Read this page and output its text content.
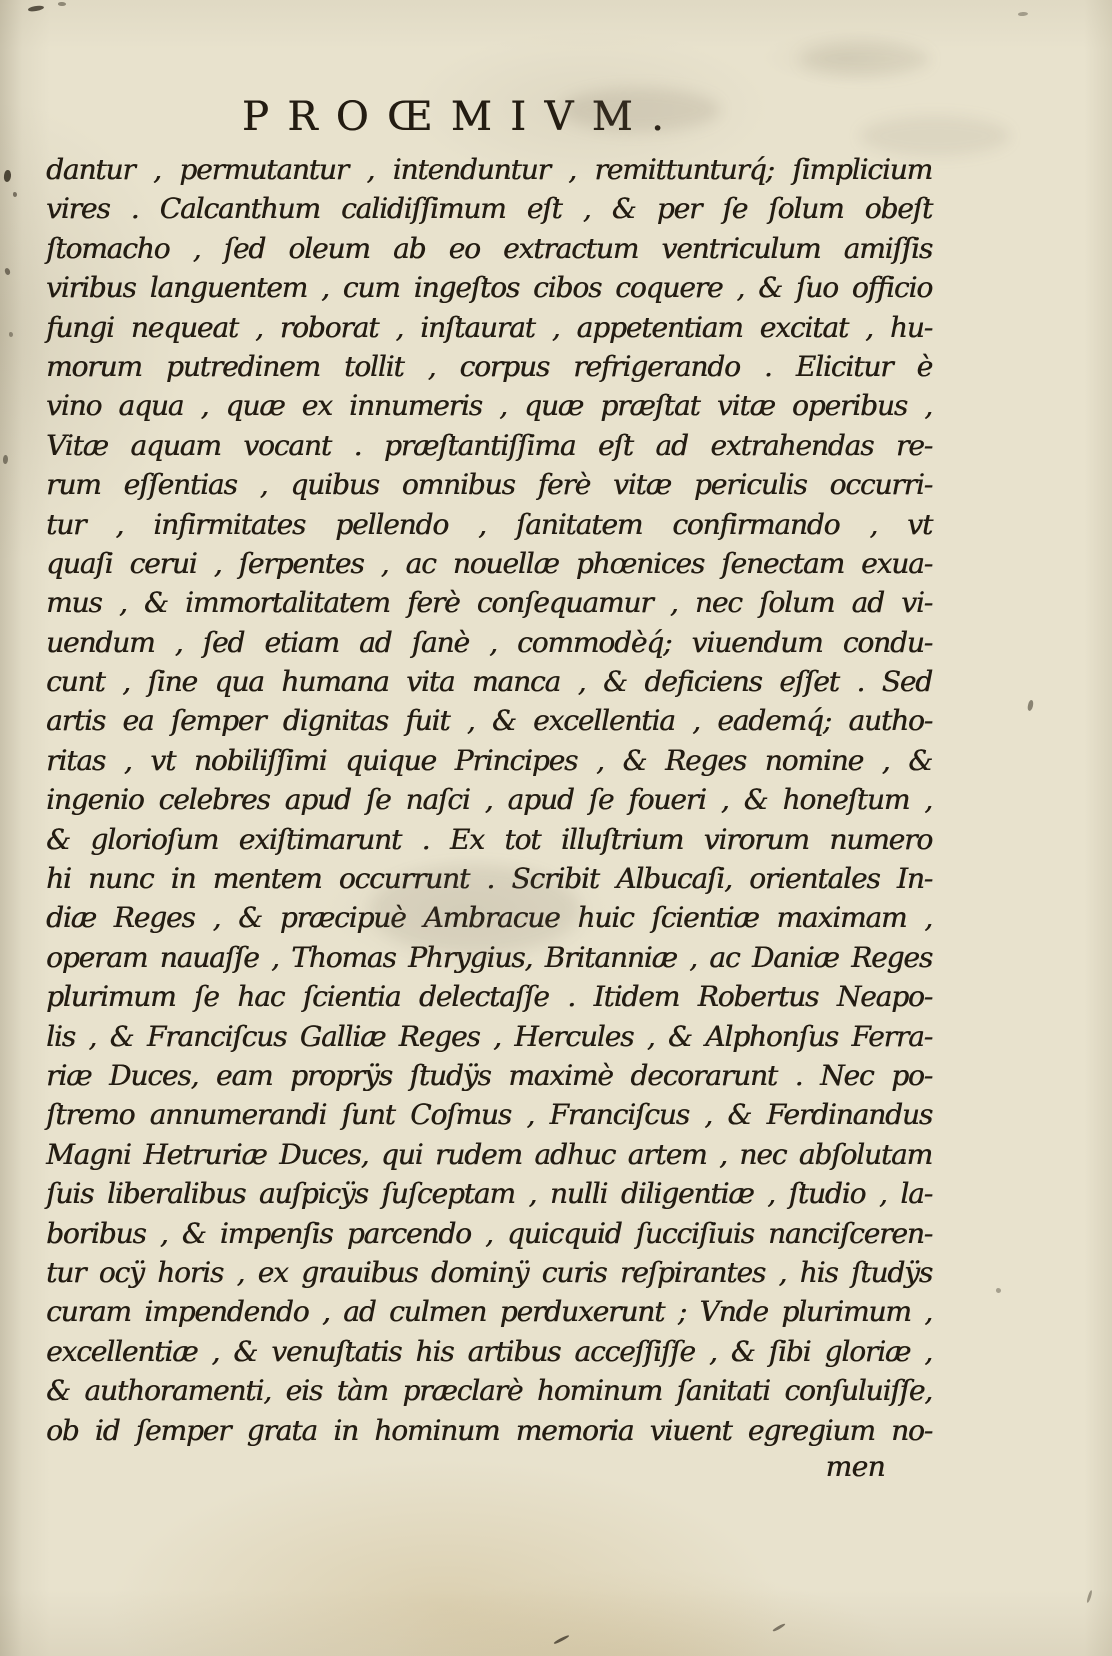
PROŒMIVM.
dantur , permutantur , intenduntur , remittunturq́; ſimplicium
vires . Calcanthum calidiſſimum eſt , & per ſe ſolum obeſt
ſtomacho , ſed oleum ab eo extractum ventriculum amiſſis
viribus languentem , cum ingeſtos cibos coquere , & ſuo officio
fungi nequeat , roborat , inſtaurat , appetentiam excitat , hu-
morum putredinem tollit , corpus refrigerando . Elicitur è
vino aqua , quæ ex innumeris , quæ præſtat vitæ operibus ,
Vitæ aquam vocant . præſtantiſſima eſt ad extrahendas re-
rum eſſentias , quibus omnibus ferè vitæ periculis occurri-
tur , infirmitates pellendo , ſanitatem confirmando , vt
quaſi cerui , ſerpentes , ac nouellæ phœnices ſenectam exua-
mus , & immortalitatem ferè conſequamur , nec ſolum ad vi-
uendum , ſed etiam ad ſanè , commodèq́; viuendum condu-
cunt , ſine qua humana vita manca , & deficiens eſſet . Sed
artis ea ſemper dignitas fuit , & excellentia , eademq́; autho-
ritas , vt nobiliſſimi quique Principes , & Reges nomine , &
ingenio celebres apud ſe naſci , apud ſe foueri , & honeſtum ,
& glorioſum exiſtimarunt . Ex tot illuſtrium virorum numero
hi nunc in mentem occurrunt . Scribit Albucaſi, orientales In-
diæ Reges , & præcipuè Ambracue huic ſcientiæ maximam ,
operam nauaſſe , Thomas Phrygius, Britanniæ , ac Daniæ Reges
plurimum ſe hac ſcientia delectaſſe . Itidem Robertus Neapo-
lis , & Franciſcus Galliæ Reges , Hercules , & Alphonſus Ferra-
riæ Duces, eam proprÿs ſtudÿs maximè decorarunt . Nec po-
ſtremo annumerandi ſunt Coſmus , Franciſcus , & Ferdinandus
Magni Hetruriæ Duces, qui rudem adhuc artem , nec abſolutam
ſuis liberalibus auſpicÿs ſuſceptam , nulli diligentiæ , ſtudio , la-
boribus , & impenſis parcendo , quicquid ſucciſiuis nanciſceren-
tur ocÿ horis , ex grauibus dominÿ curis reſpirantes , his ſtudÿs
curam impendendo , ad culmen perduxerunt ; Vnde plurimum ,
excellentiæ , & venuſtatis his artibus acceſſiſſe , & ſibi gloriæ ,
& authoramenti, eis tàm præclarè hominum ſanitati conſuluiſſe,
ob id ſemper grata in hominum memoria viuent egregium no-
men
